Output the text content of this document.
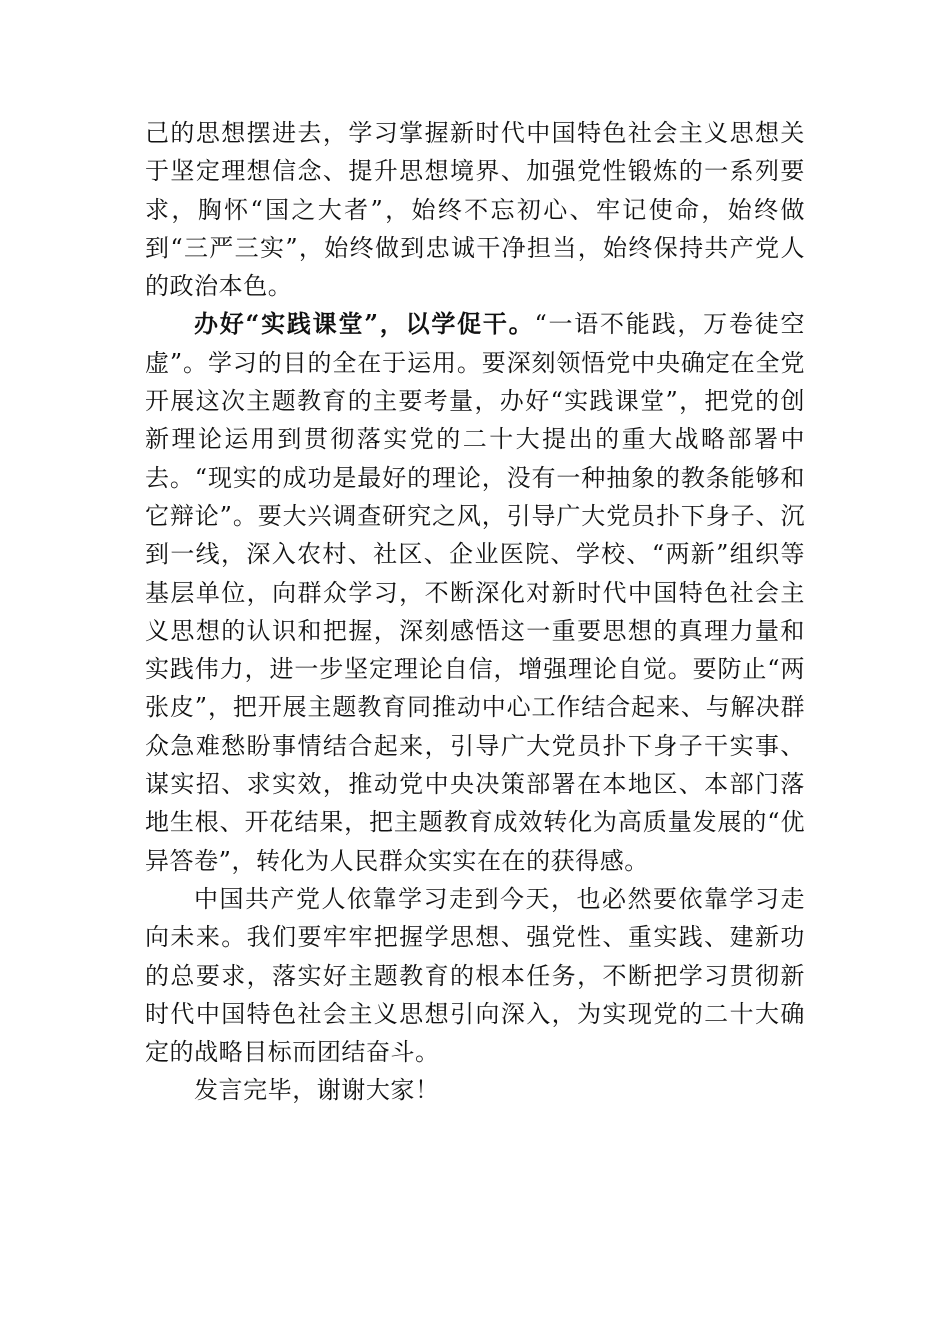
己的思想摆进去，学习掌握新时代中国特色社会主义思想关于坚定理想信念、提升思想境界、加强党性锻炼的一系列要求，胸怀“国之大者”，始终不忘初心、牢记使命，始终做到“三严三实”，始终做到忠诚干净担当，始终保持共产党人的政治本色。

办好“实践课堂”，以学促干。“一语不能践，万卷徒空虚”。学习的目的全在于运用。要深刻领悟党中央确定在全党开展这次主题教育的主要考量，办好“实践课堂”，把党的创新理论运用到贯彻落实党的二十大提出的重大战略部署中去。“现实的成功是最好的理论，没有一种抽象的教条能够和它辩论”。要大兴调查研究之风，引导广大党员扑下身子、沉到一线，深入农村、社区、企业医院、学校、“两新”组织等基层单位，向群众学习，不断深化对新时代中国特色社会主义思想的认识和把握，深刻感悟这一重要思想的真理力量和实践伟力，进一步坚定理论自信，增强理论自觉。要防止“两张皮”，把开展主题教育同推动中心工作结合起来、与解决群众急难愁盼事情结合起来，引导广大党员扑下身子干实事、谋实招、求实效，推动党中央决策部署在本地区、本部门落地生根、开花结果，把主题教育成效转化为高质量发展的“优异答卷”，转化为人民群众实实在在的获得感。

中国共产党人依靠学习走到今天，也必然要依靠学习走向未来。我们要牢牢把握学思想、强党性、重实践、建新功的总要求，落实好主题教育的根本任务，不断把学习贯彻新时代中国特色社会主义思想引向深入，为实现党的二十大确定的战略目标而团结奋斗。

发言完毕，谢谢大家！
